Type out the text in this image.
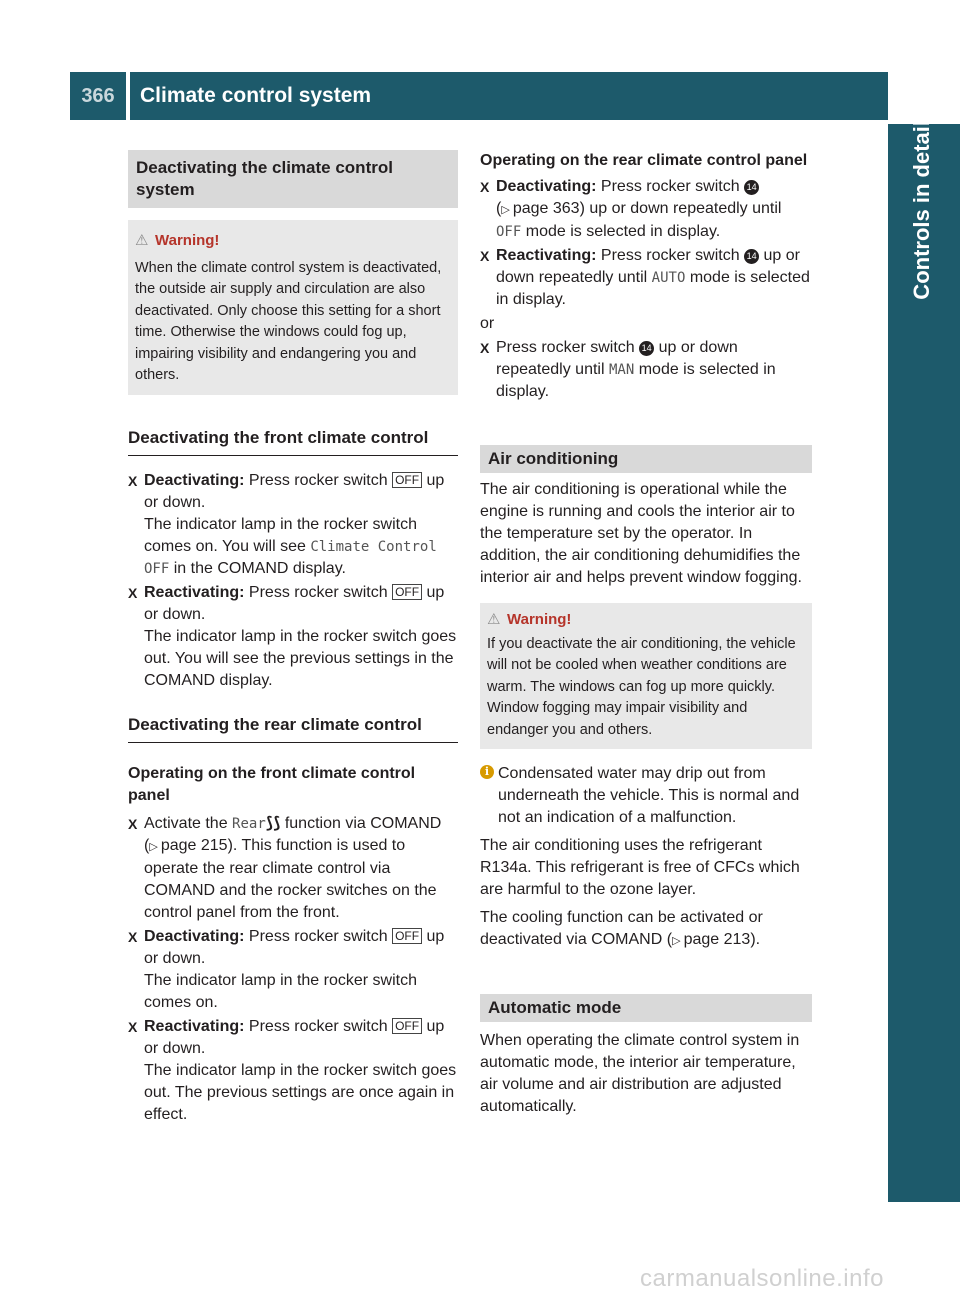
366	Climate control system
Controls in detail
Deactivating the climate control system
⚠ Warning!

When the climate control system is deactivated, the outside air supply and circulation are also deactivated. Only choose this setting for a short time. Otherwise the windows could fog up, impairing visibility and endangering you and others.

Deactivating the front climate control
X Deactivating: Press rocker switch OFF up or down.
The indicator lamp in the rocker switch comes on. You will see Climate Control OFF in the COMAND display.
X Reactivating: Press rocker switch OFF up or down.
The indicator lamp in the rocker switch goes out. You will see the previous settings in the COMAND display.
Deactivating the rear climate control
Operating on the front climate control panel
X Activate the Rear⟆⟆ function via COMAND (▷ page 215). This function is used to operate the rear climate control via COMAND and the rocker switches on the control panel from the front.
X Deactivating: Press rocker switch OFF up or down.
The indicator lamp in the rocker switch comes on.
X Reactivating: Press rocker switch OFF up or down.
The indicator lamp in the rocker switch goes out. The previous settings are once again in effect.
Operating on the rear climate control panel
X Deactivating: Press rocker switch 14
(▷ page 363) up or down repeatedly until
OFF mode is selected in display.
X Reactivating: Press rocker switch 14 up or down repeatedly until AUTO mode is selected in display.

or

X Press rocker switch 14 up or down repeatedly until MAN mode is selected in display.
Air conditioning

The air conditioning is operational while the engine is running and cools the interior air to the temperature set by the operator. In addition, the air conditioning dehumidifies the interior air and helps prevent window fogging.

⚠ Warning!

If you deactivate the air conditioning, the vehicle will not be cooled when weather conditions are warm. The windows can fog up more quickly. Window fogging may impair visibility and endanger you and others.

i Condensated water may drip out from underneath the vehicle. This is normal and not an indication of a malfunction.

The air conditioning uses the refrigerant R134a. This refrigerant is free of CFCs which are harmful to the ozone layer.

The cooling function can be activated or deactivated via COMAND (▷ page 213).

Automatic mode

When operating the climate control system in automatic mode, the interior air temperature, air volume and air distribution are adjusted automatically.

carmanualsonline.info
